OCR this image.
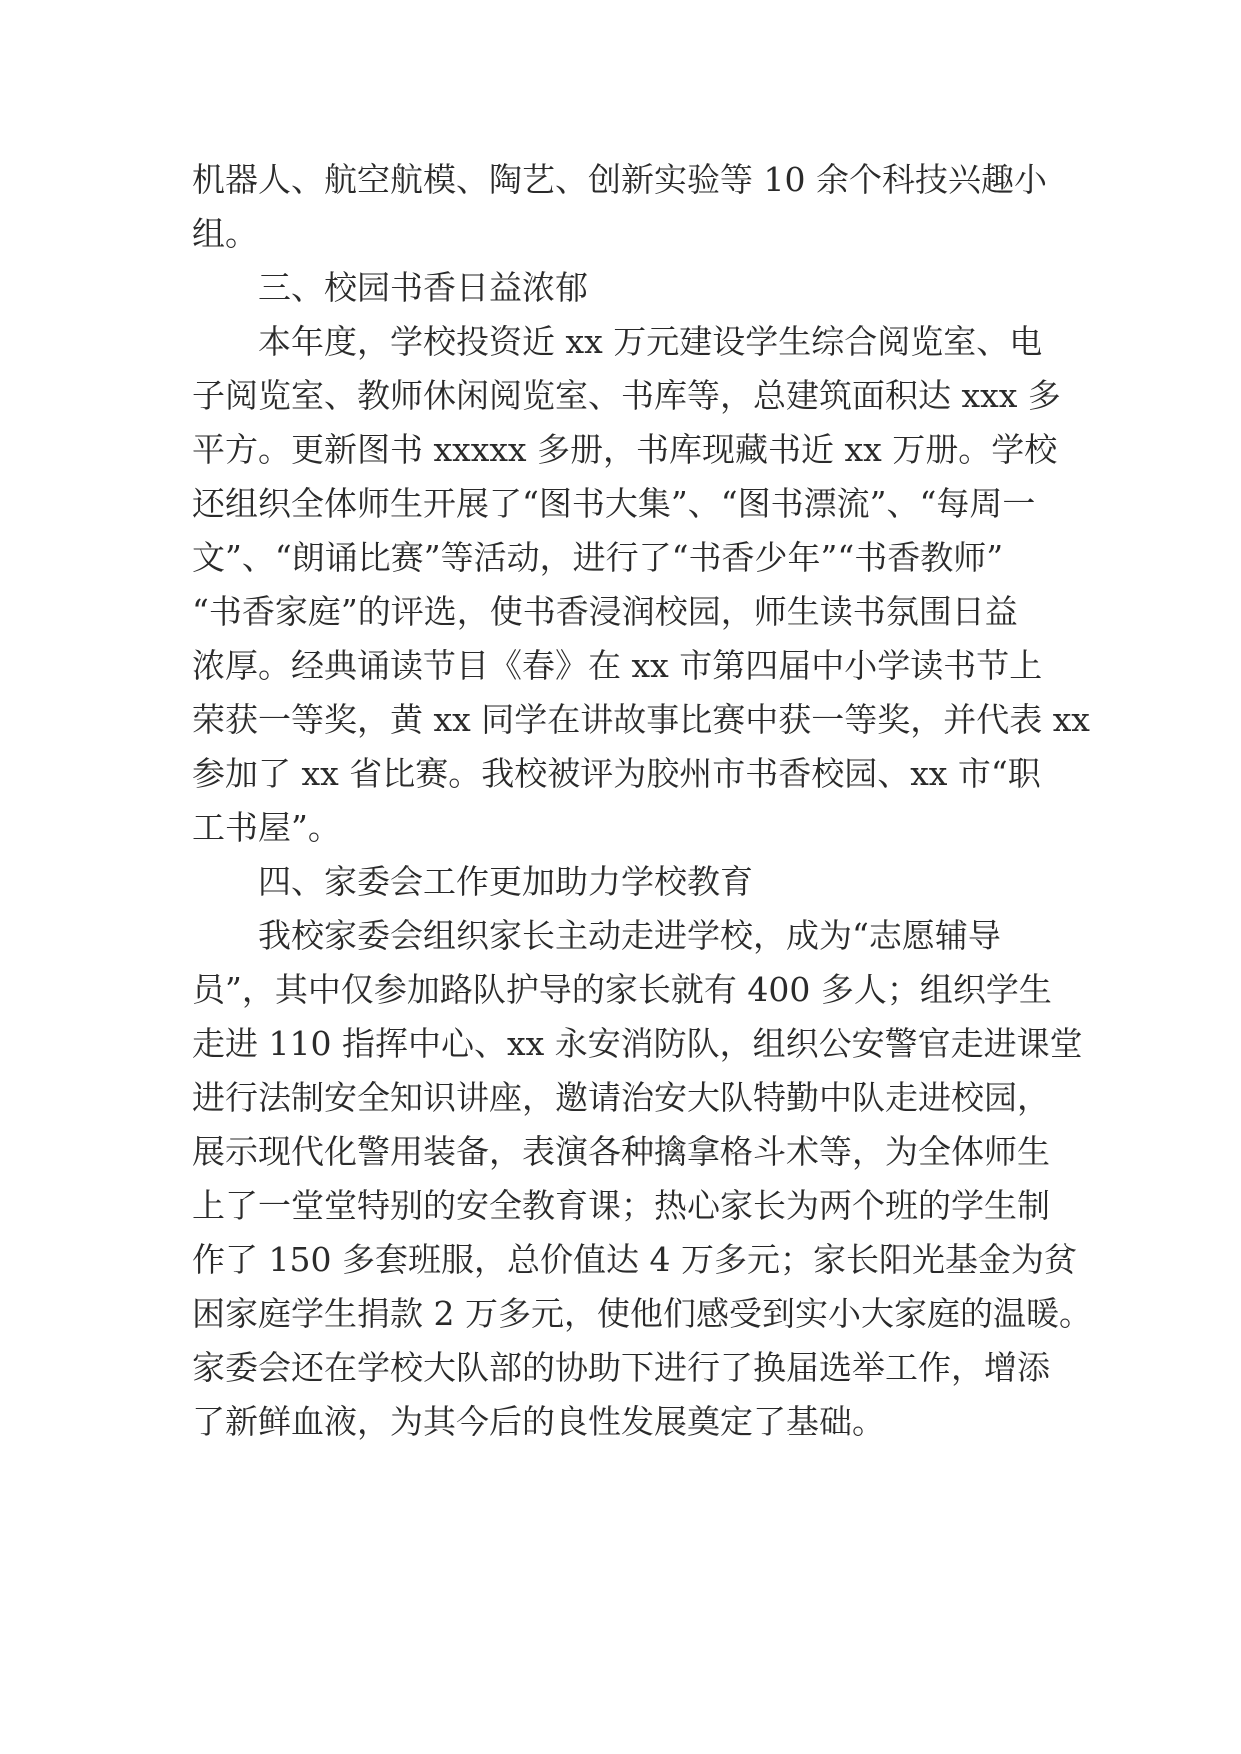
机器人、航空航模、陶艺、创新实验等 10 余个科技兴趣小
组。
三、校园书香日益浓郁
本年度，学校投资近 xx 万元建设学生综合阅览室、电
子阅览室、教师休闲阅览室、书库等，总建筑面积达 xxx 多
平方。更新图书 xxxxx 多册，书库现藏书近 xx 万册。学校
还组织全体师生开展了“图书大集”、“图书漂流”、“每周一
文”、“朗诵比赛”等活动，进行了“书香少年”“书香教师”
“书香家庭”的评选，使书香浸润校园，师生读书氛围日益
浓厚。经典诵读节目《春》在 xx 市第四届中小学读书节上
荣获一等奖，黄 xx 同学在讲故事比赛中获一等奖，并代表 xx
参加了 xx 省比赛。我校被评为胶州市书香校园、xx 市“职
工书屋”。
四、家委会工作更加助力学校教育
我校家委会组织家长主动走进学校，成为“志愿辅导
员”，其中仅参加路队护导的家长就有 400 多人；组织学生
走进 110 指挥中心、xx 永安消防队，组织公安警官走进课堂
进行法制安全知识讲座，邀请治安大队特勤中队走进校园，
展示现代化警用装备，表演各种擒拿格斗术等，为全体师生
上了一堂堂特别的安全教育课；热心家长为两个班的学生制
作了 150 多套班服，总价值达 4 万多元；家长阳光基金为贫
困家庭学生捐款 2 万多元，使他们感受到实小大家庭的温暖。
家委会还在学校大队部的协助下进行了换届选举工作，增添
了新鲜血液，为其今后的良性发展奠定了基础。
